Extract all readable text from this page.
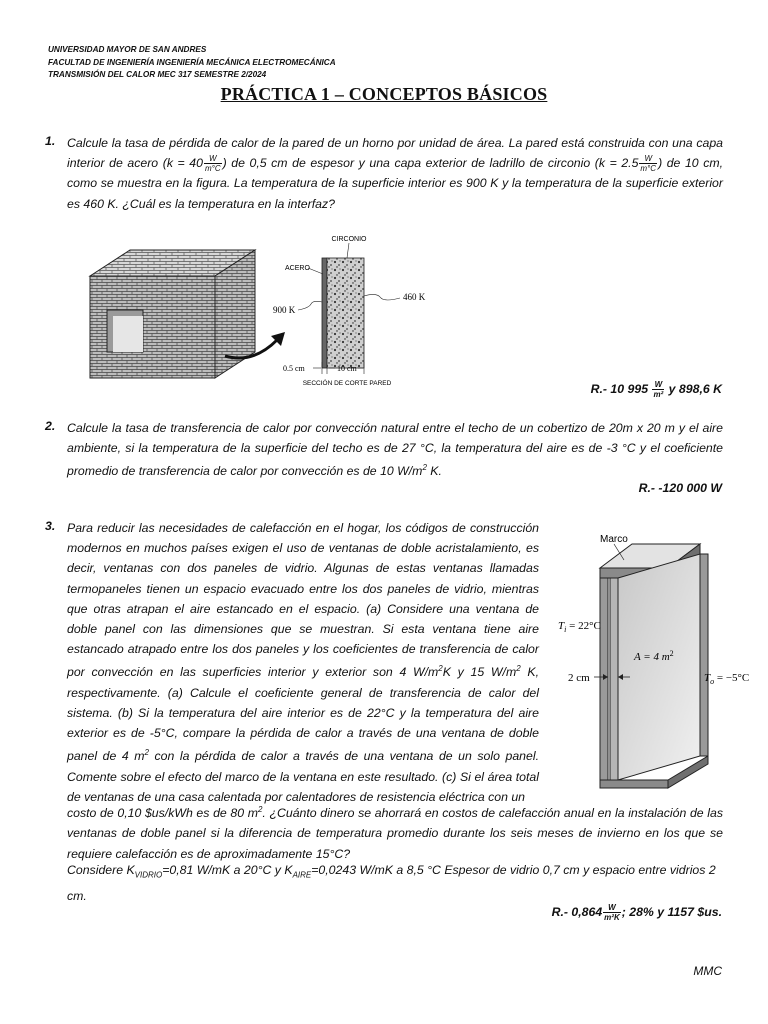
UNIVERSIDAD MAYOR DE SAN ANDRES
FACULTAD DE INGENIERÍA INGENIERÍA MECÁNICA ELECTROMECÁNICA
TRANSMISIÓN DEL CALOR MEC 317 SEMESTRE 2/2024
PRÁCTICA 1 – CONCEPTOS BÁSICOS
1. Calcule la tasa de pérdida de calor de la pared de un horno por unidad de área. La pared está construida con una capa interior de acero ($k = 40 \frac{W}{m^\circ C}$ ) de 0,5 cm de espesor y una capa exterior de ladrillo de circonio ($k = 2.5 \frac{W}{m^\circ C}$ ) de 10 cm, como se muestra en la figura. La temperatura de la superficie interior es 900 K y la temperatura de la superficie exterior es 460 K. ¿Cuál es la temperatura en la interfaz?
CIRCONIO
ACERO
900 K
460 K
0.5 cm	10 cm
SECCIÓN DE CORTE PARED	R.- 10 $995 \frac{W}{\text{m²}}$ y 898,6 K
2. Calcule la tasa de transferencia de calor por convección natural entre el techo de un cobertizo de 20m x 20 m y el aire ambiente, si la temperatura de la superficie del techo es de 27 °C, la temperatura del aire es de -3 °C y el coeficiente promedio de transferencia de calor por convección es de 10 $W/m^2$ K.
R.- -120 000 W
3. Para reducir las necesidades de calefacción en el hogar, los códigos de construcción modernos en muchos países exigen el uso de ventanas de doble acristalamiento, es decir, ventanas con dos paneles de vidrio. Algunas de estas ventanas llamadas termopaneles tienen un espacio evacuado entre los dos paneles de vidrio, mientras que otras atrapan el aire estancado en el espacio. (a) Considere una ventana de doble panel con las dimensiones que se muestran. Si esta ventana tiene aire estancado atrapado entre los dos paneles y los coeficientes de transferencia de calor por convección en las superficies interior y exterior son 4 $W/m^2K$ y 15 $W/m^2$ K, respectivamente. (a) Calcule el coeficiente general de transferencia de calor del sistema. (b) Si la temperatura del aire interior es de 22°C y la temperatura del aire exterior es de -5°C, compare la pérdida de calor a través de una ventana de doble panel de 4 $m^2$ con la pérdida de calor a través de una ventana de un solo panel. Comente sobre el efecto del marco de la ventana en este resultado. (c) Si el área total de ventanas de una casa calentada por calentadores de resistencia eléctrica con un
costo de 0,10 $us/kWh es de 80 $m^2$. ¿Cuánto dinero se ahorrará en costos de calefacción anual en la instalación de las ventanas de doble panel si la diferencia de temperatura promedio durante los seis meses de invierno en los que se requiere calefacción es de aproximadamente 15°C?
Considere $K_{VIDRIO}=0,81$ W/mK a 20°C y $K_{AIRE}=0,0243$ W/mK a 8,5 °C Espesor de vidrio 0,7 cm y espacio entre vidrios 2 cm.
Marco
$T_i = 22^\circ C$
A = 4 $m^2$
2 cm	$T_o = -5^\circ C$
R.- $0,864 \frac{W}{\text{m²K}}$ ; 28% y 1157 $us.
MMC
